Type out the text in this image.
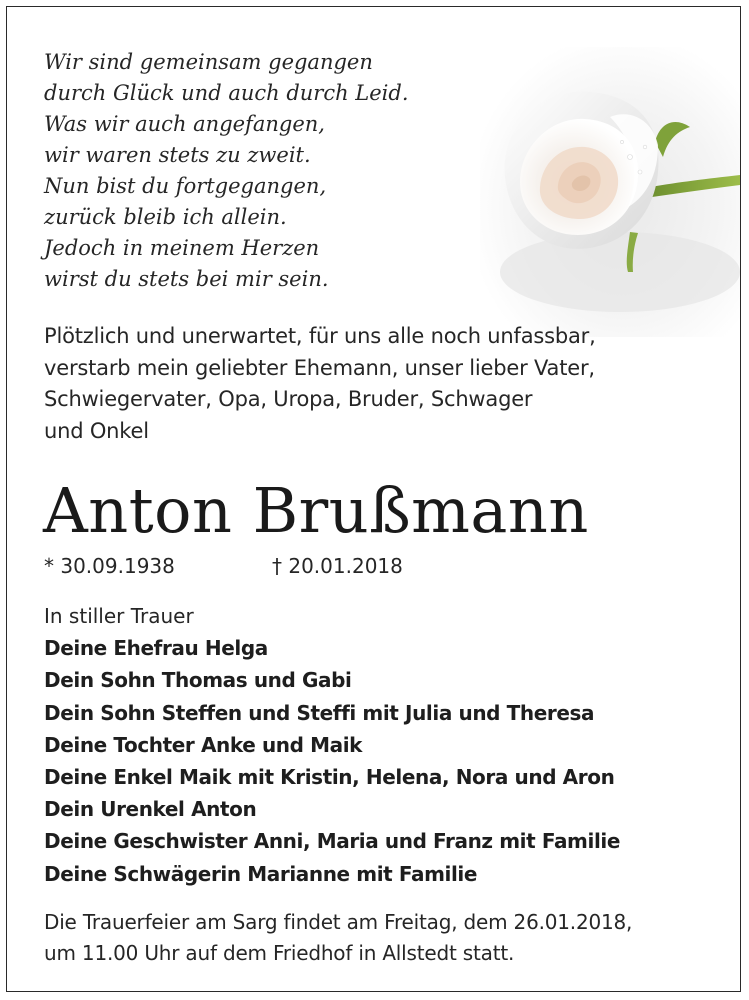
Wir sind gemeinsam gegangen
durch Glück und auch durch Leid.
Was wir auch angefangen,
wir waren stets zu zweit.
Nun bist du fortgegangen,
zurück bleib ich allein.
Jedoch in meinem Herzen
wirst du stets bei mir sein.
Plötzlich und unerwartet, für uns alle noch unfassbar,
verstarb mein geliebter Ehemann, unser lieber Vater,
Schwiegervater, Opa, Uropa, Bruder, Schwager
und Onkel
Anton Brußmann
* 30.09.1938	† 20.01.2018
In stiller Trauer
Deine Ehefrau Helga
Dein Sohn Thomas und Gabi
Dein Sohn Steffen und Steffi mit Julia und Theresa
Deine Tochter Anke und Maik
Deine Enkel Maik mit Kristin, Helena, Nora und Aron
Dein Urenkel Anton
Deine Geschwister Anni, Maria und Franz mit Familie
Deine Schwägerin Marianne mit Familie
Die Trauerfeier am Sarg findet am Freitag, dem 26.01.2018,
um 11.00 Uhr auf dem Friedhof in Allstedt statt.
